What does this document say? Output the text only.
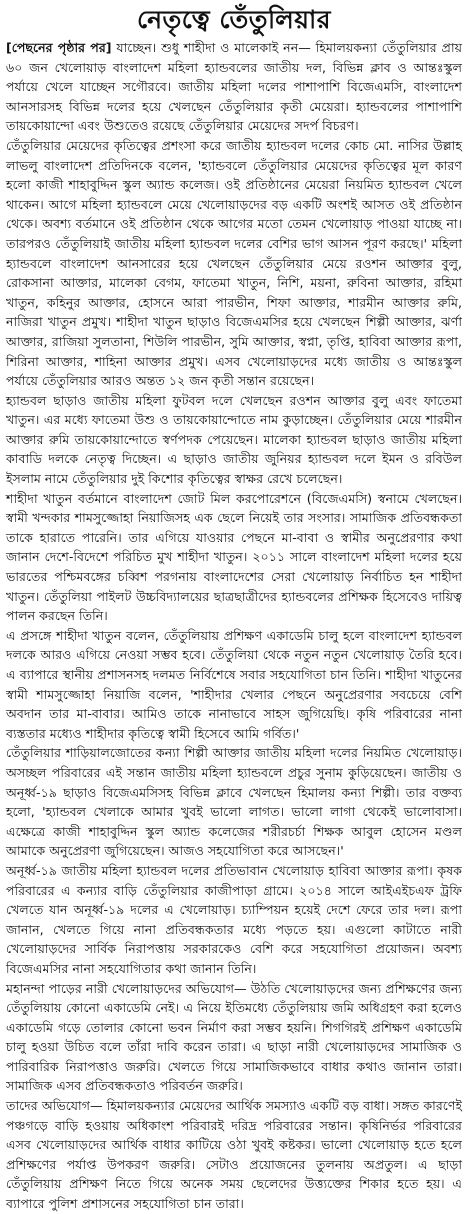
নেতৃত্বে তেঁতুলিয়ার

[পেছনের পৃষ্ঠার পর] যাচ্ছেন। শুধু শাহীদা ও মালেকাই নন— হিমালয়কন্যা তেঁতুলিয়ার প্রায় ৬০ জন খেলোয়াড় বাংলাদেশ মহিলা হ্যান্ডবলের জাতীয় দল, বিভিন্ন ক্লাব ও আন্তঃস্কুল পর্যায়ে খেলে যাচ্ছেন সগৌরবে। জাতীয় মহিলা দলের পাশাপাশি বিজেএমসি, বাংলাদেশ আনসারসহ বিভিন্ন দলের হয়ে খেলছেন তেঁতুলিয়ার কৃতী মেয়েরা। হ্যান্ডবলের পাশাপাশি তায়কোয়ান্দো এবং উশুতেও রয়েছে তেঁতুলিয়ার মেয়েদের সদর্প বিচরণ।

তেঁতুলিয়ার মেয়েদের কৃতিত্বের প্রশংসা করে জাতীয় হ্যান্ডবল দলের কোচ মো. নাসির উল্লাহ লাভলু বাংলাদেশ প্রতিদিনকে বলেন, 'হ্যান্ডবলে তেঁতুলিয়ার মেয়েদের কৃতিত্বের মূল কারণ হলো কাজী শাহাবুদ্দিন স্কুল অ্যান্ড কলেজ। ওই প্রতিষ্ঠানের মেয়েরা নিয়মিত হ্যান্ডবল খেলে থাকেন। আগে মহিলা হ্যান্ডবলে মেয়ে খেলোয়াড়দের বড় একটি অংশই আসত ওই প্রতিষ্ঠান থেকে। অবশ্য বর্তমানে ওই প্রতিষ্ঠান থেকে আগের মতো তেমন খেলোয়াড় পাওয়া যাচ্ছে না। তারপরও তেঁতুলিয়াই জাতীয় মহিলা হ্যান্ডবল দলের বেশির ভাগ আসন পূরণ করছে।' মহিলা হ্যান্ডবলে বাংলাদেশ আনসারের হয়ে খেলছেন তেঁতুলিয়ার মেয়ে রওশন আক্তার বুলু, রোকসানা আক্তার, মালেকা বেগম, ফাতেমা খাতুন, নিশি, ময়না, রুবিনা আক্তার, রহিমা খাতুন, কহিনুর আক্তার, হোসনে আরা পারভীন, শিফা আক্তার, শারমীন আক্তার রুমি, নাজিরা খাতুন প্রমুখ। শাহীদা খাতুন ছাড়াও বিজেএমসির হয়ে খেলছেন শিল্পী আক্তার, ঝর্ণা আক্তার, রাজিয়া সুলতানা, শিউলি পারভীন, সুমি আক্তার, স্বপ্না, তৃপ্তি, হাবিবা আক্তার রূপা, শিরিনা আক্তার, শাহিনা আক্তার প্রমুখ। এসব খেলোয়াড়দের মধ্যে জাতীয় ও আন্তঃস্কুল পর্যায়ে তেঁতুলিয়ার আরও অন্তত ১২ জন কৃতী সন্তান রয়েছেন।

হ্যান্ডবল ছাড়াও জাতীয় মহিলা ফুটবল দলে খেলছেন রওশন আক্তার বুলু এবং ফাতেমা খাতুন। এর মধ্যে ফাতেমা উশু ও তায়কোয়ান্দোতে নাম কুড়াচ্ছেন। তেঁতুলিয়ার মেয়ে শারমীন আক্তার রুমি তায়কোয়ান্দোতে স্বর্ণপদক পেয়েছেন। মালেকা হ্যান্ডবল ছাড়াও জাতীয় মহিলা কাবাডি দলকে নেতৃত্ব দিচ্ছেন। এ ছাড়াও জাতীয় জুনিয়র হ্যান্ডবল দলে ইমন ও রবিউল ইসলাম নামে তেঁতুলিয়ার দুই কিশোর কৃতিত্বের স্বাক্ষর রেখে চলেছেন।

শাহীদা খাতুন বর্তমানে বাংলাদেশ জোট মিল করপোরেশনে (বিজেএমসি) স্বনামে খেলছেন। স্বামী খন্দকার শামসুজ্জোহা নিয়াজিসহ এক ছেলে নিয়েই তার সংসার। সামাজিক প্রতিবন্ধকতা তাকে হারাতে পারেনি। তার এগিয়ে যাওয়ার পেছনে মা-বাবা ও স্বামীর অনুপ্রেরণার কথা জানান দেশে-বিদেশে পরিচিত মুখ শাহীদা খাতুন। ২০১১ সালে বাংলাদেশ মহিলা দলের হয়ে ভারতের পশ্চিমবঙ্গের চব্বিশ পরগনায় বাংলাদেশের সেরা খেলোয়াড় নির্বাচিত হন শাহীদা খাতুন। তেঁতুলিয়া পাইলট উচ্চবিদ্যালয়ের ছাত্রছাত্রীদের হ্যান্ডবলের প্রশিক্ষক হিসেবেও দায়িত্ব পালন করছেন তিনি।

এ প্রসঙ্গে শাহীদা খাতুন বলেন, তেঁতুলিয়ায় প্রশিক্ষণ একাডেমি চালু হলে বাংলাদেশ হ্যান্ডবল দলকে আরও এগিয়ে নেওয়া সম্ভব হবে। তেঁতুলিয়া থেকে নতুন নতুন খেলোয়াড় তৈরি হবে। এ ব্যাপারে স্থানীয় প্রশাসনসহ দলমত নির্বিশেষে সবার সহযোগিতা চান তিনি। শাহীদা খাতুনের স্বামী শামসুজ্জোহা নিয়াজি বলেন, 'শাহীদার খেলার পেছনে অনুপ্রেরণার সবচেয়ে বেশি অবদান তার মা-বাবার। আমিও তাকে নানাভাবে সাহস জুগিয়েছি। কৃষি পরিবারের নানা ব্যস্ততার মধ্যেও শাহীদার কৃতিত্বে স্বামী হিসেবে আমি গর্বিত।'

তেঁতুলিয়ার শাড়িয়ালজোতের কন্যা শিল্পী আক্তার জাতীয় মহিলা দলের নিয়মিত খেলোয়াড়। অসচ্ছল পরিবারের এই সন্তান জাতীয় মহিলা হ্যান্ডবলে প্রচুর সুনাম কুড়িয়েছেন। জাতীয় ও অনূর্ধ্ব-১৯ ছাড়াও বিজেএমসিসহ বিভিন্ন ক্লাবে খেলছেন হিমালয় কন্যা শিল্পী। তার বক্তব্য হলো, 'হ্যান্ডবল খেলাকে আমার খুবই ভালো লাগত। ভালো লাগা থেকেই ভালোবাসা। এক্ষেত্রে কাজী শাহাবুদ্দিন স্কুল অ্যান্ড কলেজের শরীরচর্চা শিক্ষক আবুল হোসেন মণ্ডল আমাকে অনুপ্রেরণা জুগিয়েছেন। আজও সহযোগিতা করে আসছেন।'

অনূর্ধ্ব-১৯ জাতীয় মহিলা হ্যান্ডবল দলের প্রতিভাবান খেলোয়াড় হাবিবা আক্তার রূপা। কৃষক পরিবারের এ কন্যার বাড়ি তেঁতুলিয়ার কাজীপাড়া গ্রামে। ২০১৪ সালে আইএইচএফ ট্রফি খেলতে যান অনূর্ধ্ব-১৯ দলের এ খেলোয়াড়। চ্যাম্পিয়ন হয়েই দেশে ফেরে তার দল। রূপা জানান, খেলতে গিয়ে নানা প্রতিবন্ধকতার মধ্যে পড়তে হয়। এগুলো কাটাতে নারী খেলোয়াড়দের সার্বিক নিরাপত্তায় সরকারকেও বেশি করে সহযোগিতা প্রয়োজন। অবশ্য বিজেএমসির নানা সহযোগিতার কথা জানান তিনি।

মহানন্দা পাড়ের নারী খেলোয়াড়দের অভিযোগ— উঠতি খেলোয়াড়দের জন্য প্রশিক্ষণের জন্য তেঁতুলিয়ায় কোনো একাডেমি নেই। এ নিয়ে ইতিমধ্যে তেঁতুলিয়ায় জমি অধিগ্রহণ করা হলেও একাডেমি গড়ে তোলার কোনো ভবন নির্মাণ করা সম্ভব হয়নি। শিগগিরই প্রশিক্ষণ একাডেমি চালু হওয়া উচিত বলে তাঁরা দাবি করেন তারা। এ ছাড়া নারী খেলোয়াড়দের সামাজিক ও পারিবারিক নিরাপত্তাও জরুরি। খেলতে গিয়ে সামাজিকভাবে বাধার কথাও জানান তারা। সামাজিক এসব প্রতিবন্ধকতাও পরিবর্তন জরুরি।

তাদের অভিযোগ— হিমালয়কন্যার মেয়েদের আর্থিক সমস্যাও একটি বড় বাধা। সঙ্গত কারণেই পঞ্চগড়ে বাড়ি হওয়ায় অধিকাংশ পরিবারই দরিদ্র পরিবারের সন্তান। কৃষিনির্ভর পরিবারের এসব খেলোয়াড়দের আর্থিক বাধার কাটিয়ে ওঠা খুবই কষ্টকর। ভালো খেলোয়াড় হতে হলে প্রশিক্ষণের পর্যাপ্ত উপকরণ জরুরি। সেটাও প্রয়োজনের তুলনায় অপ্রতুল। এ ছাড়া তেঁতুলিয়ায় প্রশিক্ষণ নিতে গিয়ে অনেক সময় ছেলেদের উত্ত্যক্তের শিকার হতে হয়। এ ব্যাপারে পুলিশ প্রশাসনের সহযোগিতা চান তারা।
